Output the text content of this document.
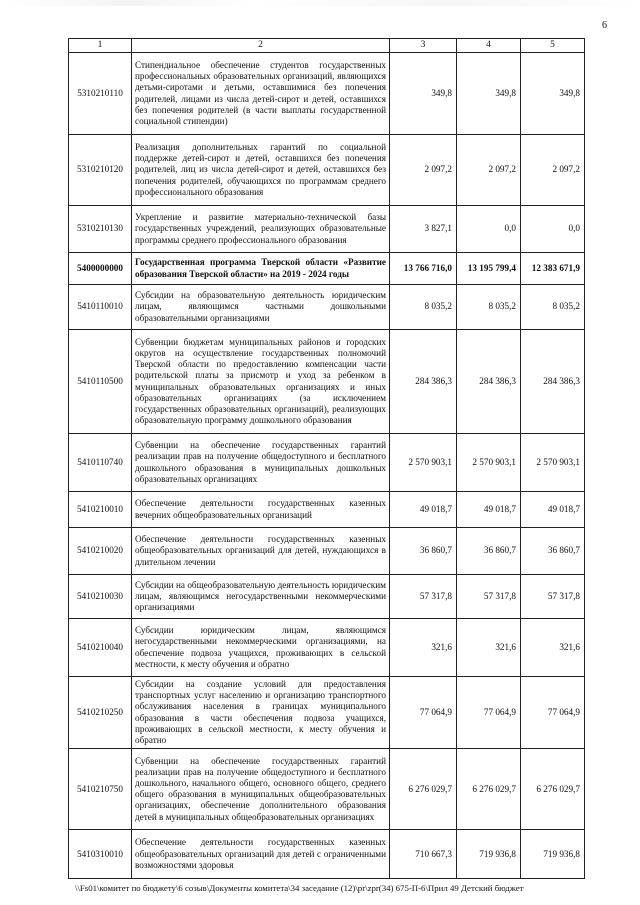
6
1	2	3	4	5
5310210110	Стипендиальное обеспечение студентов государственных профессиональных образовательных организаций, являющихся детьми-сиротами и детьми, оставшимися без попечения родителей, лицами из числа детей-сирот и детей, оставшихся без попечения родителей (в части выплаты государственной социальной стипендии)	349,8	349,8	349,8
5310210120	Реализация дополнительных гарантий по социальной поддержке детей-сирот и детей, оставшихся без попечения родителей, лиц из числа детей-сирот и детей, оставшихся без попечения родителей, обучающихся по программам среднего профессионального образования	2 097,2	2 097,2	2 097,2
5310210130	Укрепление и развитие материально-технической базы государственных учреждений, реализующих образовательные программы среднего профессионального образования	3 827,1	0,0	0,0
5400000000	Государственная программа Тверской области «Развитие образования Тверской области» на 2019 - 2024 годы	13 766 716,0	13 195 799,4	12 383 671,9
5410110010	Субсидии на образовательную деятельность юридическим лицам, являющимся частными дошкольными образовательными организациями	8 035,2	8 035,2	8 035,2
5410110500	Субвенции бюджетам муниципальных районов и городских округов на осуществление государственных полномочий Тверской области по предоставлению компенсации части родительской платы за присмотр и уход за ребенком в муниципальных образовательных организациях и иных образовательных организациях (за исключением государственных образовательных организаций), реализующих образовательную программу дошкольного образования	284 386,3	284 386,3	284 386,3
5410110740	Субвенции на обеспечение государственных гарантий реализации прав на получение общедоступного и бесплатного дошкольного образования в муниципальных дошкольных образовательных организациях	2 570 903,1	2 570 903,1	2 570 903,1
5410210010	Обеспечение деятельности государственных казенных вечерних общеобразовательных организаций	49 018,7	49 018,7	49 018,7
5410210020	Обеспечение деятельности государственных казенных общеобразовательных организаций для детей, нуждающихся в длительном лечении	36 860,7	36 860,7	36 860,7
5410210030	Субсидии на общеобразовательную деятельность юридическим лицам, являющимся негосударственными некоммерческими организациями	57 317,8	57 317,8	57 317,8
5410210040	Субсидии юридическим лицам, являющимся негосударственными некоммерческими организациями, на обеспечение подвоза учащихся, проживающих в сельской местности, к месту обучения и обратно	321,6	321,6	321,6
5410210250	Субсидии на создание условий для предоставления транспортных услуг населению и организацию транспортного обслуживания населения в границах муниципального образования в части обеспечения подвоза учащихся, проживающих в сельской местности, к месту обучения и обратно	77 064,9	77 064,9	77 064,9
5410210750	Субвенции на обеспечение государственных гарантий реализации прав на получение общедоступного и бесплатного дошкольного, начального общего, основного общего, среднего общего образования в муниципальных общеобразовательных организациях, обеспечение дополнительного образования детей в муниципальных общеобразовательных организациях	6 276 029,7	6 276 029,7	6 276 029,7
5410310010	Обеспечение деятельности государственных казенных общеобразовательных организаций для детей с ограниченными возможностями здоровья	710 667,3	719 936,8	719 936,8
\\Fs01\комитет по бюджету\6 созыв\Документы комитета\34 заседание (12)\pr\zpr(34) 675-П-6\Прил 49 Детский бюджет
